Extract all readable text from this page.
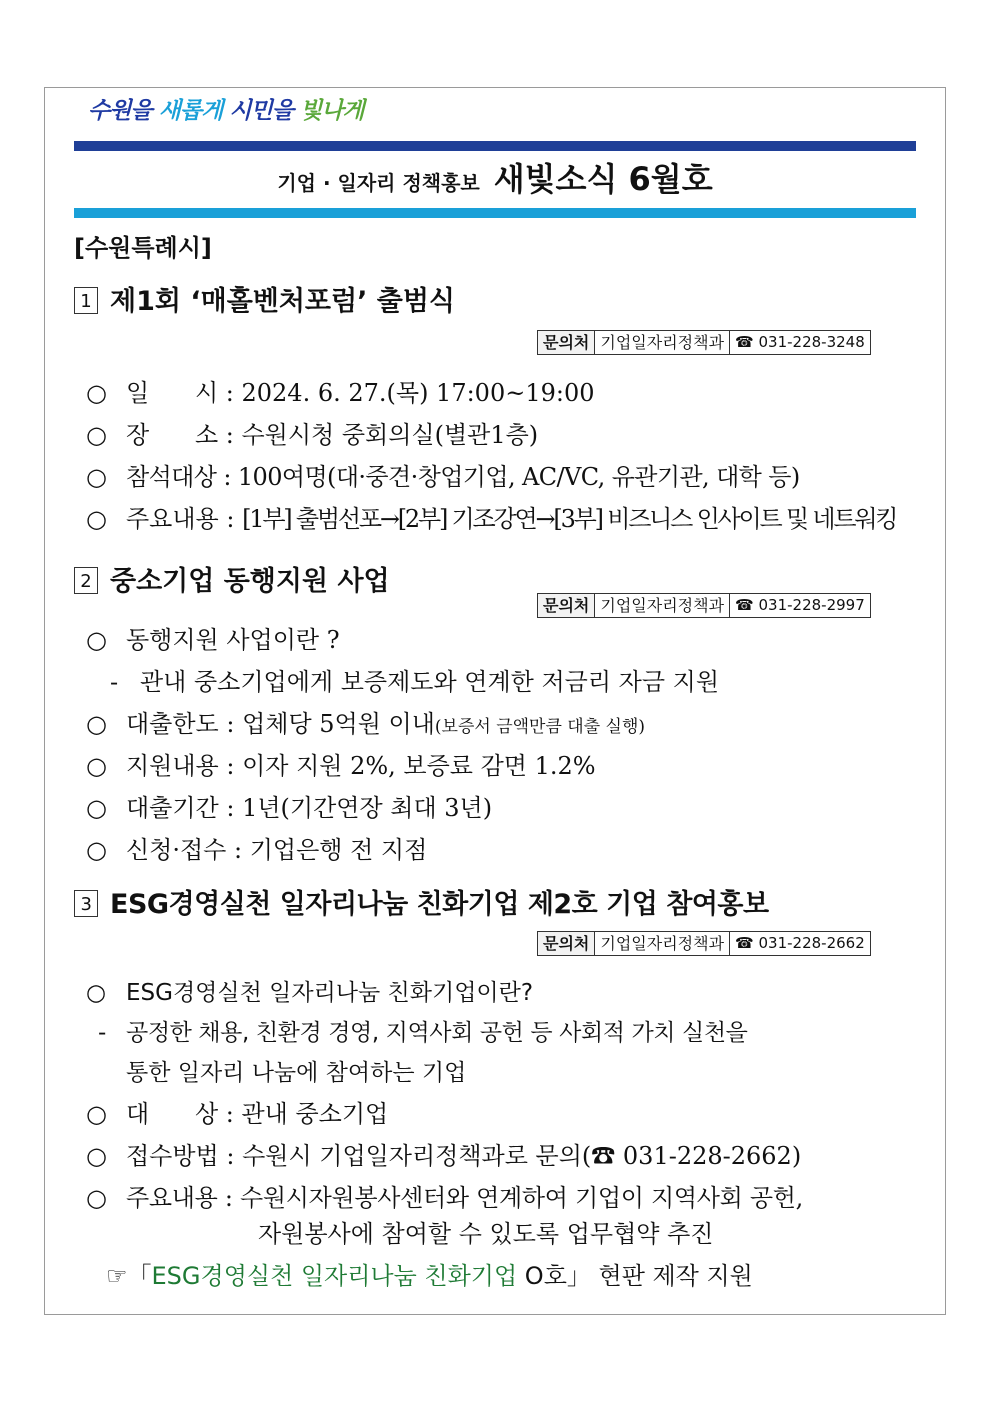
수원을 새롭게 시민을 빛나게
기업 · 일자리 정책홍보 새빛소식 6월호
[수원특례시]
1 제1회 ‘매홀벤처포럼’ 출범식
문의처 기업일자리정책과 ☎ 031-228-3248
○ 일      시 : 2024. 6. 27.(목) 17:00~19:00
○ 장      소 : 수원시청 중회의실(별관1층)
○ 참석대상 : 100여명(대·중견·창업기업, AC/VC, 유관기관, 대학 등)
○ 주요내용 : [1부] 출범선포→[2부] 기조강연→[3부] 비즈니스 인사이트 및 네트워킹
2 중소기업 동행지원 사업
문의처 기업일자리정책과 ☎ 031-228-2997
○ 동행지원 사업이란 ?
- 관내 중소기업에게 보증제도와 연계한 저금리 자금 지원
○ 대출한도 : 업체당 5억원 이내(보증서 금액만큼 대출 실행)
○ 지원내용 : 이자 지원 2%, 보증료 감면 1.2%
○ 대출기간 : 1년(기간연장 최대 3년)
○ 신청·접수 : 기업은행 전 지점
3 ESG경영실천 일자리나눔 친화기업 제2호 기업 참여홍보
문의처 기업일자리정책과 ☎ 031-228-2662
○ ESG경영실천 일자리나눔 친화기업이란?
- 공정한 채용, 친환경 경영, 지역사회 공헌 등 사회적 가치 실천을
통한 일자리 나눔에 참여하는 기업
○ 대      상 : 관내 중소기업
○ 접수방법 : 수원시 기업일자리정책과로 문의(☎ 031-228-2662)
○ 주요내용 : 수원시자원봉사센터와 연계하여 기업이 지역사회 공헌,
자원봉사에 참여할 수 있도록 업무협약 추진
☞「ESG경영실천 일자리나눔 친화기업 O호」 현판 제작 지원
